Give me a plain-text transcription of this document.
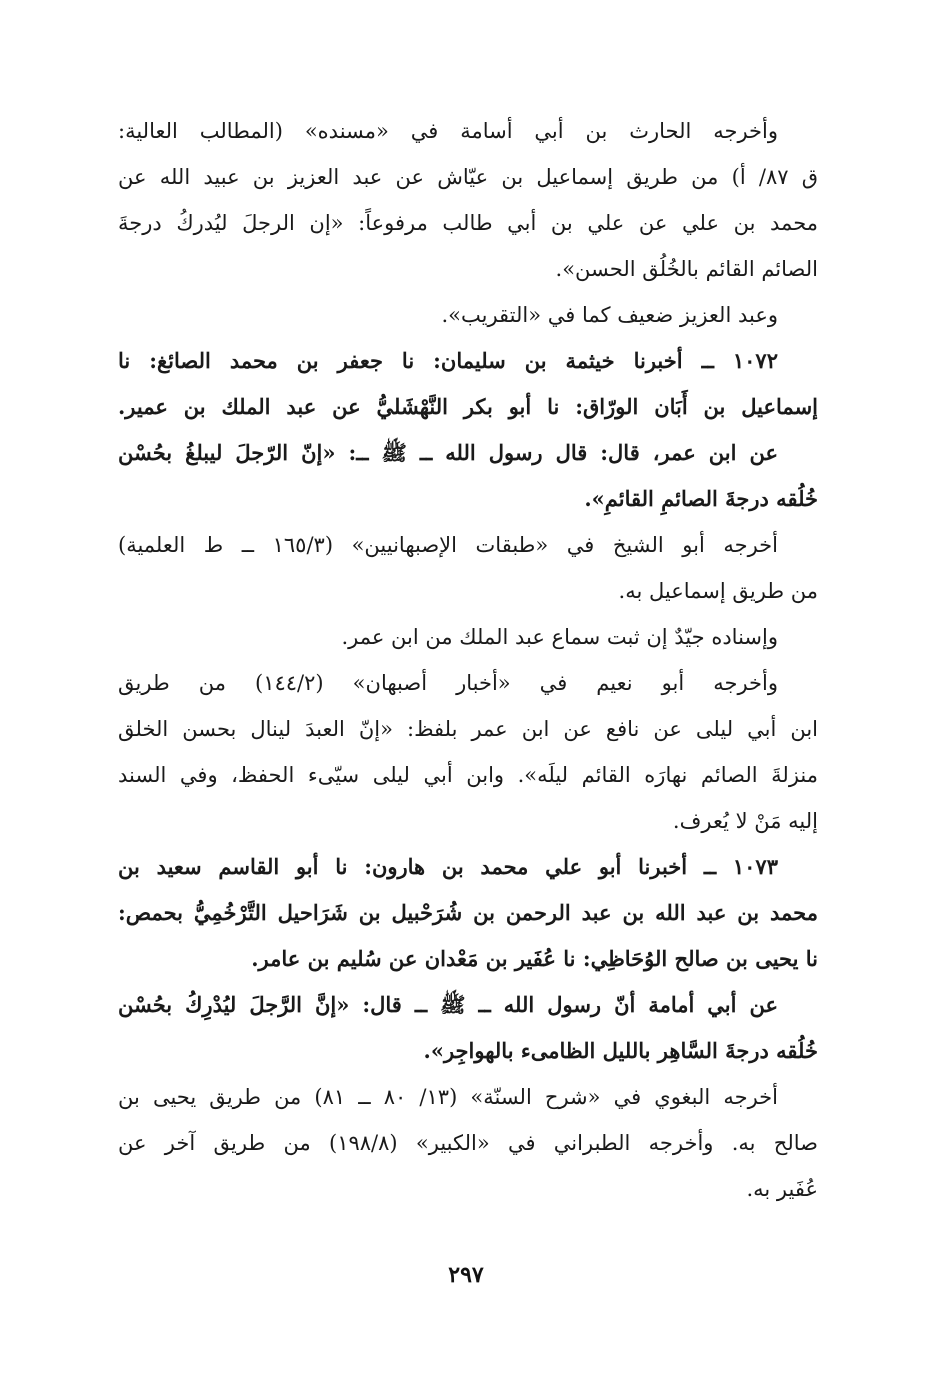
وأخرجه الحارث بن أبي أسامة في «مسنده» (المطالب العالية:
ق ٨٧/ أ) من طريق إسماعيل بن عيّاش عن عبد العزيز بن عبيد الله عن
محمد بن علي عن علي بن أبي طالب مرفوعاً: «إن الرجلَ ليُدركُ درجةَ
الصائم القائم بالخُلُق الحسن».
وعبد العزيز ضعيف كما في «التقريب».
١٠٧٢ ــ أخبرنا خيثمة بن سليمان: نا جعفر بن محمد الصائغ: نا
إسماعيل بن أَبَان الورّاق: نا أبو بكر النَّهْشَليُّ عن عبد الملك بن عمير.
عن ابن عمر، قال: قال رسول الله ــ ﷺ ــ: «إنّ الرّجلَ ليبلغُ بحُسْن
خُلُقه درجةَ الصائمِ القائمِ».
أخرجه أبو الشيخ في «طبقات الإصبهانيين» (١٦٥/٣ ــ ط العلمية)
من طريق إسماعيل به.
وإسناده جيّدٌ إن ثبت سماع عبد الملك من ابن عمر.
وأخرجه أبو نعيم في «أخبار أصبهان» (١٤٤/٢) من طريق
ابن أبي ليلى عن نافع عن ابن عمر بلفظ: «إنّ العبدَ لينال بحسن الخلق
منزلةَ الصائم نهارَه القائم ليلَه». وابن أبي ليلى سيّىء الحفظ، وفي السند
إليه مَنْ لا يُعرف.
١٠٧٣ ــ أخبرنا أبو علي محمد بن هارون: نا أبو القاسم سعيد بن
محمد بن عبد الله بن عبد الرحمن بن شُرَحْبيل بن شَرَاحيل التَّرْخُمِيُّ بحمص:
نا يحيى بن صالح الوُحَاظِي: نا عُفَير بن مَعْدان عن سُليم بن عامر.
عن أبي أمامة أنّ رسول الله ــ ﷺ ــ قال: «إنَّ الرَّجلَ ليُدْرِكُ بحُسْن
خُلُقه درجةَ السَّاهِر بالليل الظامىء بالهواجِر».
أخرجه البغوي في «شرح السنّة» (١٣/ ٨٠ ــ ٨١) من طريق يحيى بن
صالح به. وأخرجه الطبراني في «الكبير» (١٩٨/٨) من طريق آخر عن
عُفَير به.
٢٩٧
